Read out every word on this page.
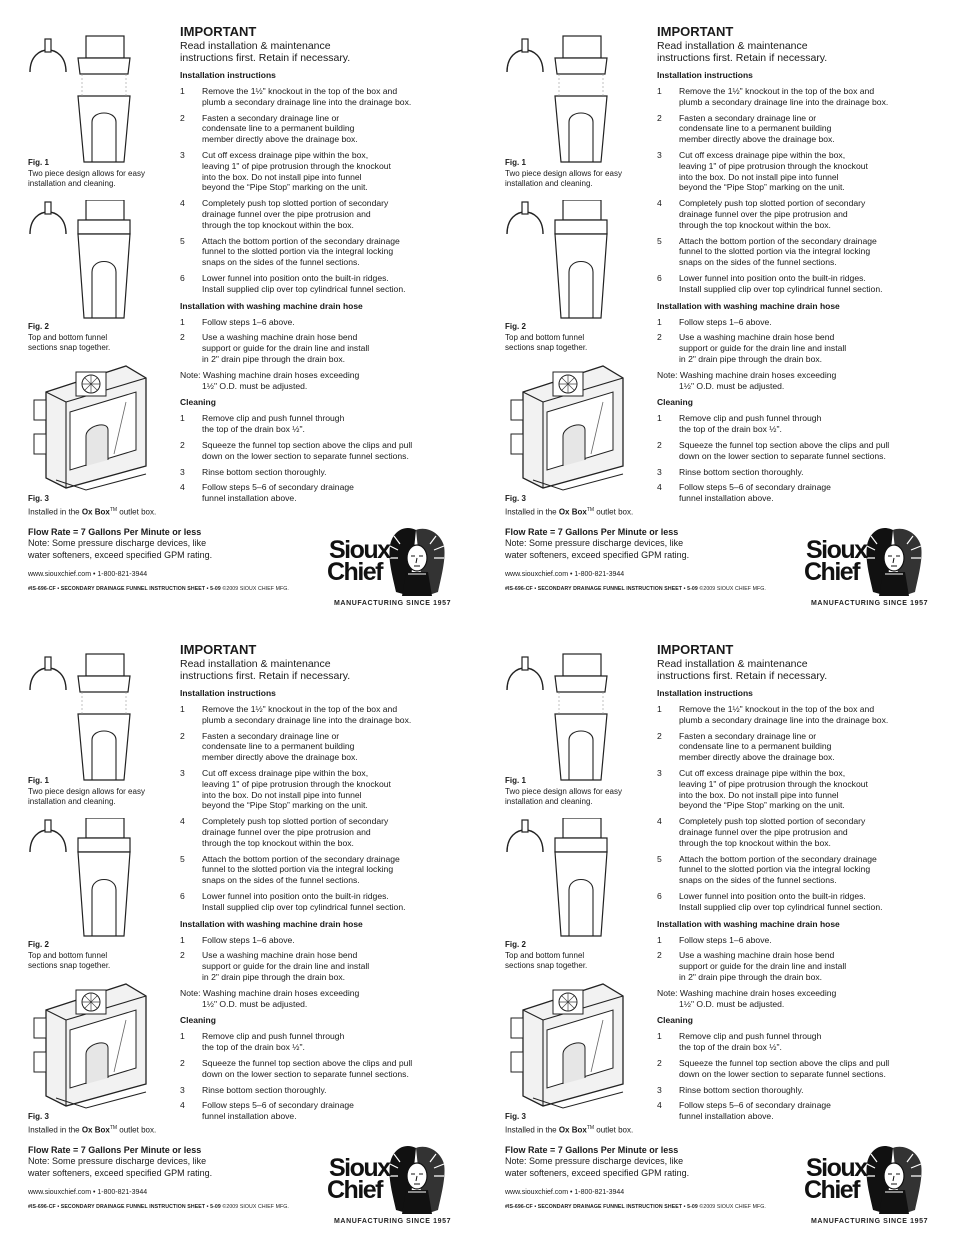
Fig. 1
Two piece design allows for easy
installation and cleaning.
Fig. 2
Top and bottom funnel
sections snap together.
Fig. 3
Installed in the Ox Box™ outlet box.
IMPORTANT
Read installation & maintenance
instructions first. Retain if necessary.
Installation instructions
1	Remove the 1½" knockout in the top of the box and
plumb a secondary drainage line into the drainage box.
2	Fasten a secondary drainage line or
condensate line to a permanent building
member directly above the drainage box.
3	Cut off excess drainage pipe within the box,
leaving 1" of pipe protrusion through the knockout
into the box. Do not install pipe into funnel
beyond the “Pipe Stop” marking on the unit.
4	Completely push top slotted portion of secondary
drainage funnel over the pipe protrusion and
through the top knockout within the box.
5	Attach the bottom portion of the secondary drainage
funnel to the slotted portion via the integral locking
snaps on the sides of the funnel sections.
6	Lower funnel into position onto the built-in ridges.
Install supplied clip over top cylindrical funnel section.
Installation with washing machine drain hose
1	Follow steps 1–6 above.
2	Use a washing machine drain hose bend
support or guide for the drain line and install
in 2" drain pipe through the drain box.
Note: Washing machine drain hoses exceeding
1½" O.D. must be adjusted.
Cleaning
1	Remove clip and push funnel through
the top of the drain box ½".
2	Squeeze the funnel top section above the clips and pull
down on the lower section to separate funnel sections.
3	Rinse bottom section thoroughly.
4	Follow steps 5–6 of secondary drainage
funnel installation above.
Flow Rate = 7 Gallons Per Minute or less
Note: Some pressure discharge devices, like
water softeners, exceed specified GPM rating.
www.siouxchief.com • 1-800-821-3944
#IS-696-CF • SECONDARY DRAINAGE FUNNEL INSTRUCTION SHEET • 5-09 ©2009 SIOUX CHIEF MFG.
Sioux
Chief
MANUFACTURING SINCE 1957
Fig. 1
Two piece design allows for easy
installation and cleaning.
Fig. 2
Top and bottom funnel
sections snap together.
Fig. 3
Installed in the Ox Box™ outlet box.
IMPORTANT
Read installation & maintenance
instructions first. Retain if necessary.
Installation instructions
1	Remove the 1½" knockout in the top of the box and
plumb a secondary drainage line into the drainage box.
2	Fasten a secondary drainage line or
condensate line to a permanent building
member directly above the drainage box.
3	Cut off excess drainage pipe within the box,
leaving 1" of pipe protrusion through the knockout
into the box. Do not install pipe into funnel
beyond the “Pipe Stop” marking on the unit.
4	Completely push top slotted portion of secondary
drainage funnel over the pipe protrusion and
through the top knockout within the box.
5	Attach the bottom portion of the secondary drainage
funnel to the slotted portion via the integral locking
snaps on the sides of the funnel sections.
6	Lower funnel into position onto the built-in ridges.
Install supplied clip over top cylindrical funnel section.
Installation with washing machine drain hose
1	Follow steps 1–6 above.
2	Use a washing machine drain hose bend
support or guide for the drain line and install
in 2" drain pipe through the drain box.
Note: Washing machine drain hoses exceeding
1½" O.D. must be adjusted.
Cleaning
1	Remove clip and push funnel through
the top of the drain box ½".
2	Squeeze the funnel top section above the clips and pull
down on the lower section to separate funnel sections.
3	Rinse bottom section thoroughly.
4	Follow steps 5–6 of secondary drainage
funnel installation above.
Flow Rate = 7 Gallons Per Minute or less
Note: Some pressure discharge devices, like
water softeners, exceed specified GPM rating.
www.siouxchief.com • 1-800-821-3944
#IS-696-CF • SECONDARY DRAINAGE FUNNEL INSTRUCTION SHEET • 5-09 ©2009 SIOUX CHIEF MFG.
Sioux
Chief
MANUFACTURING SINCE 1957
Fig. 1
Two piece design allows for easy
installation and cleaning.
Fig. 2
Top and bottom funnel
sections snap together.
Fig. 3
Installed in the Ox Box™ outlet box.
IMPORTANT
Read installation & maintenance
instructions first. Retain if necessary.
Installation instructions
1	Remove the 1½" knockout in the top of the box and
plumb a secondary drainage line into the drainage box.
2	Fasten a secondary drainage line or
condensate line to a permanent building
member directly above the drainage box.
3	Cut off excess drainage pipe within the box,
leaving 1" of pipe protrusion through the knockout
into the box. Do not install pipe into funnel
beyond the “Pipe Stop” marking on the unit.
4	Completely push top slotted portion of secondary
drainage funnel over the pipe protrusion and
through the top knockout within the box.
5	Attach the bottom portion of the secondary drainage
funnel to the slotted portion via the integral locking
snaps on the sides of the funnel sections.
6	Lower funnel into position onto the built-in ridges.
Install supplied clip over top cylindrical funnel section.
Installation with washing machine drain hose
1	Follow steps 1–6 above.
2	Use a washing machine drain hose bend
support or guide for the drain line and install
in 2" drain pipe through the drain box.
Note: Washing machine drain hoses exceeding
1½" O.D. must be adjusted.
Cleaning
1	Remove clip and push funnel through
the top of the drain box ½".
2	Squeeze the funnel top section above the clips and pull
down on the lower section to separate funnel sections.
3	Rinse bottom section thoroughly.
4	Follow steps 5–6 of secondary drainage
funnel installation above.
Flow Rate = 7 Gallons Per Minute or less
Note: Some pressure discharge devices, like
water softeners, exceed specified GPM rating.
www.siouxchief.com • 1-800-821-3944
#IS-696-CF • SECONDARY DRAINAGE FUNNEL INSTRUCTION SHEET • 5-09 ©2009 SIOUX CHIEF MFG.
Sioux
Chief
MANUFACTURING SINCE 1957
Fig. 1
Two piece design allows for easy
installation and cleaning.
Fig. 2
Top and bottom funnel
sections snap together.
Fig. 3
Installed in the Ox Box™ outlet box.
IMPORTANT
Read installation & maintenance
instructions first. Retain if necessary.
Installation instructions
1	Remove the 1½" knockout in the top of the box and
plumb a secondary drainage line into the drainage box.
2	Fasten a secondary drainage line or
condensate line to a permanent building
member directly above the drainage box.
3	Cut off excess drainage pipe within the box,
leaving 1" of pipe protrusion through the knockout
into the box. Do not install pipe into funnel
beyond the “Pipe Stop” marking on the unit.
4	Completely push top slotted portion of secondary
drainage funnel over the pipe protrusion and
through the top knockout within the box.
5	Attach the bottom portion of the secondary drainage
funnel to the slotted portion via the integral locking
snaps on the sides of the funnel sections.
6	Lower funnel into position onto the built-in ridges.
Install supplied clip over top cylindrical funnel section.
Installation with washing machine drain hose
1	Follow steps 1–6 above.
2	Use a washing machine drain hose bend
support or guide for the drain line and install
in 2" drain pipe through the drain box.
Note: Washing machine drain hoses exceeding
1½" O.D. must be adjusted.
Cleaning
1	Remove clip and push funnel through
the top of the drain box ½".
2	Squeeze the funnel top section above the clips and pull
down on the lower section to separate funnel sections.
3	Rinse bottom section thoroughly.
4	Follow steps 5–6 of secondary drainage
funnel installation above.
Flow Rate = 7 Gallons Per Minute or less
Note: Some pressure discharge devices, like
water softeners, exceed specified GPM rating.
www.siouxchief.com • 1-800-821-3944
#IS-696-CF • SECONDARY DRAINAGE FUNNEL INSTRUCTION SHEET • 5-09 ©2009 SIOUX CHIEF MFG.
Sioux
Chief
MANUFACTURING SINCE 1957
